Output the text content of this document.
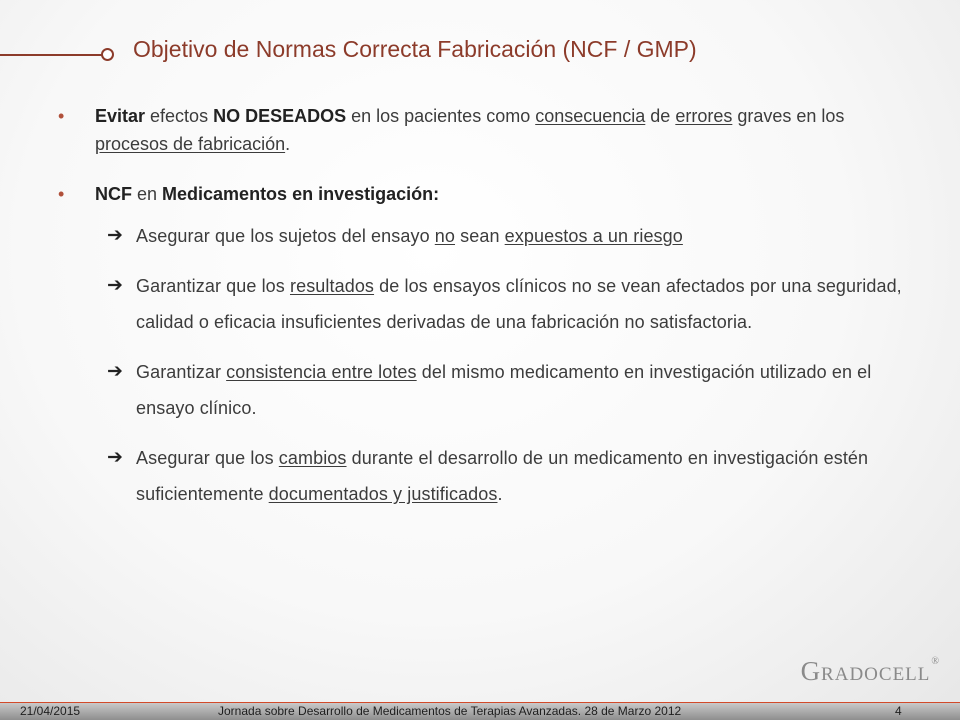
Objetivo de Normas Correcta Fabricación (NCF / GMP)
• Evitar efectos NO DESEADOS en los pacientes como consecuencia de errores graves en los procesos de fabricación.
• NCF en Medicamentos en investigación:
➔ Asegurar que los sujetos del ensayo no sean expuestos a un riesgo
➔ Garantizar que los resultados de los ensayos clínicos no se vean afectados por una seguridad, calidad o eficacia insuficientes derivadas de una fabricación no satisfactoria.
➔ Garantizar consistencia entre lotes del mismo medicamento en investigación utilizado en el ensayo clínico.
➔ Asegurar que los cambios durante el desarrollo de un medicamento en investigación estén suficientemente documentados y justificados.
Gradocell®
21/04/2015	Jornada sobre Desarrollo de Medicamentos de Terapias Avanzadas. 28 de Marzo 2012	4
